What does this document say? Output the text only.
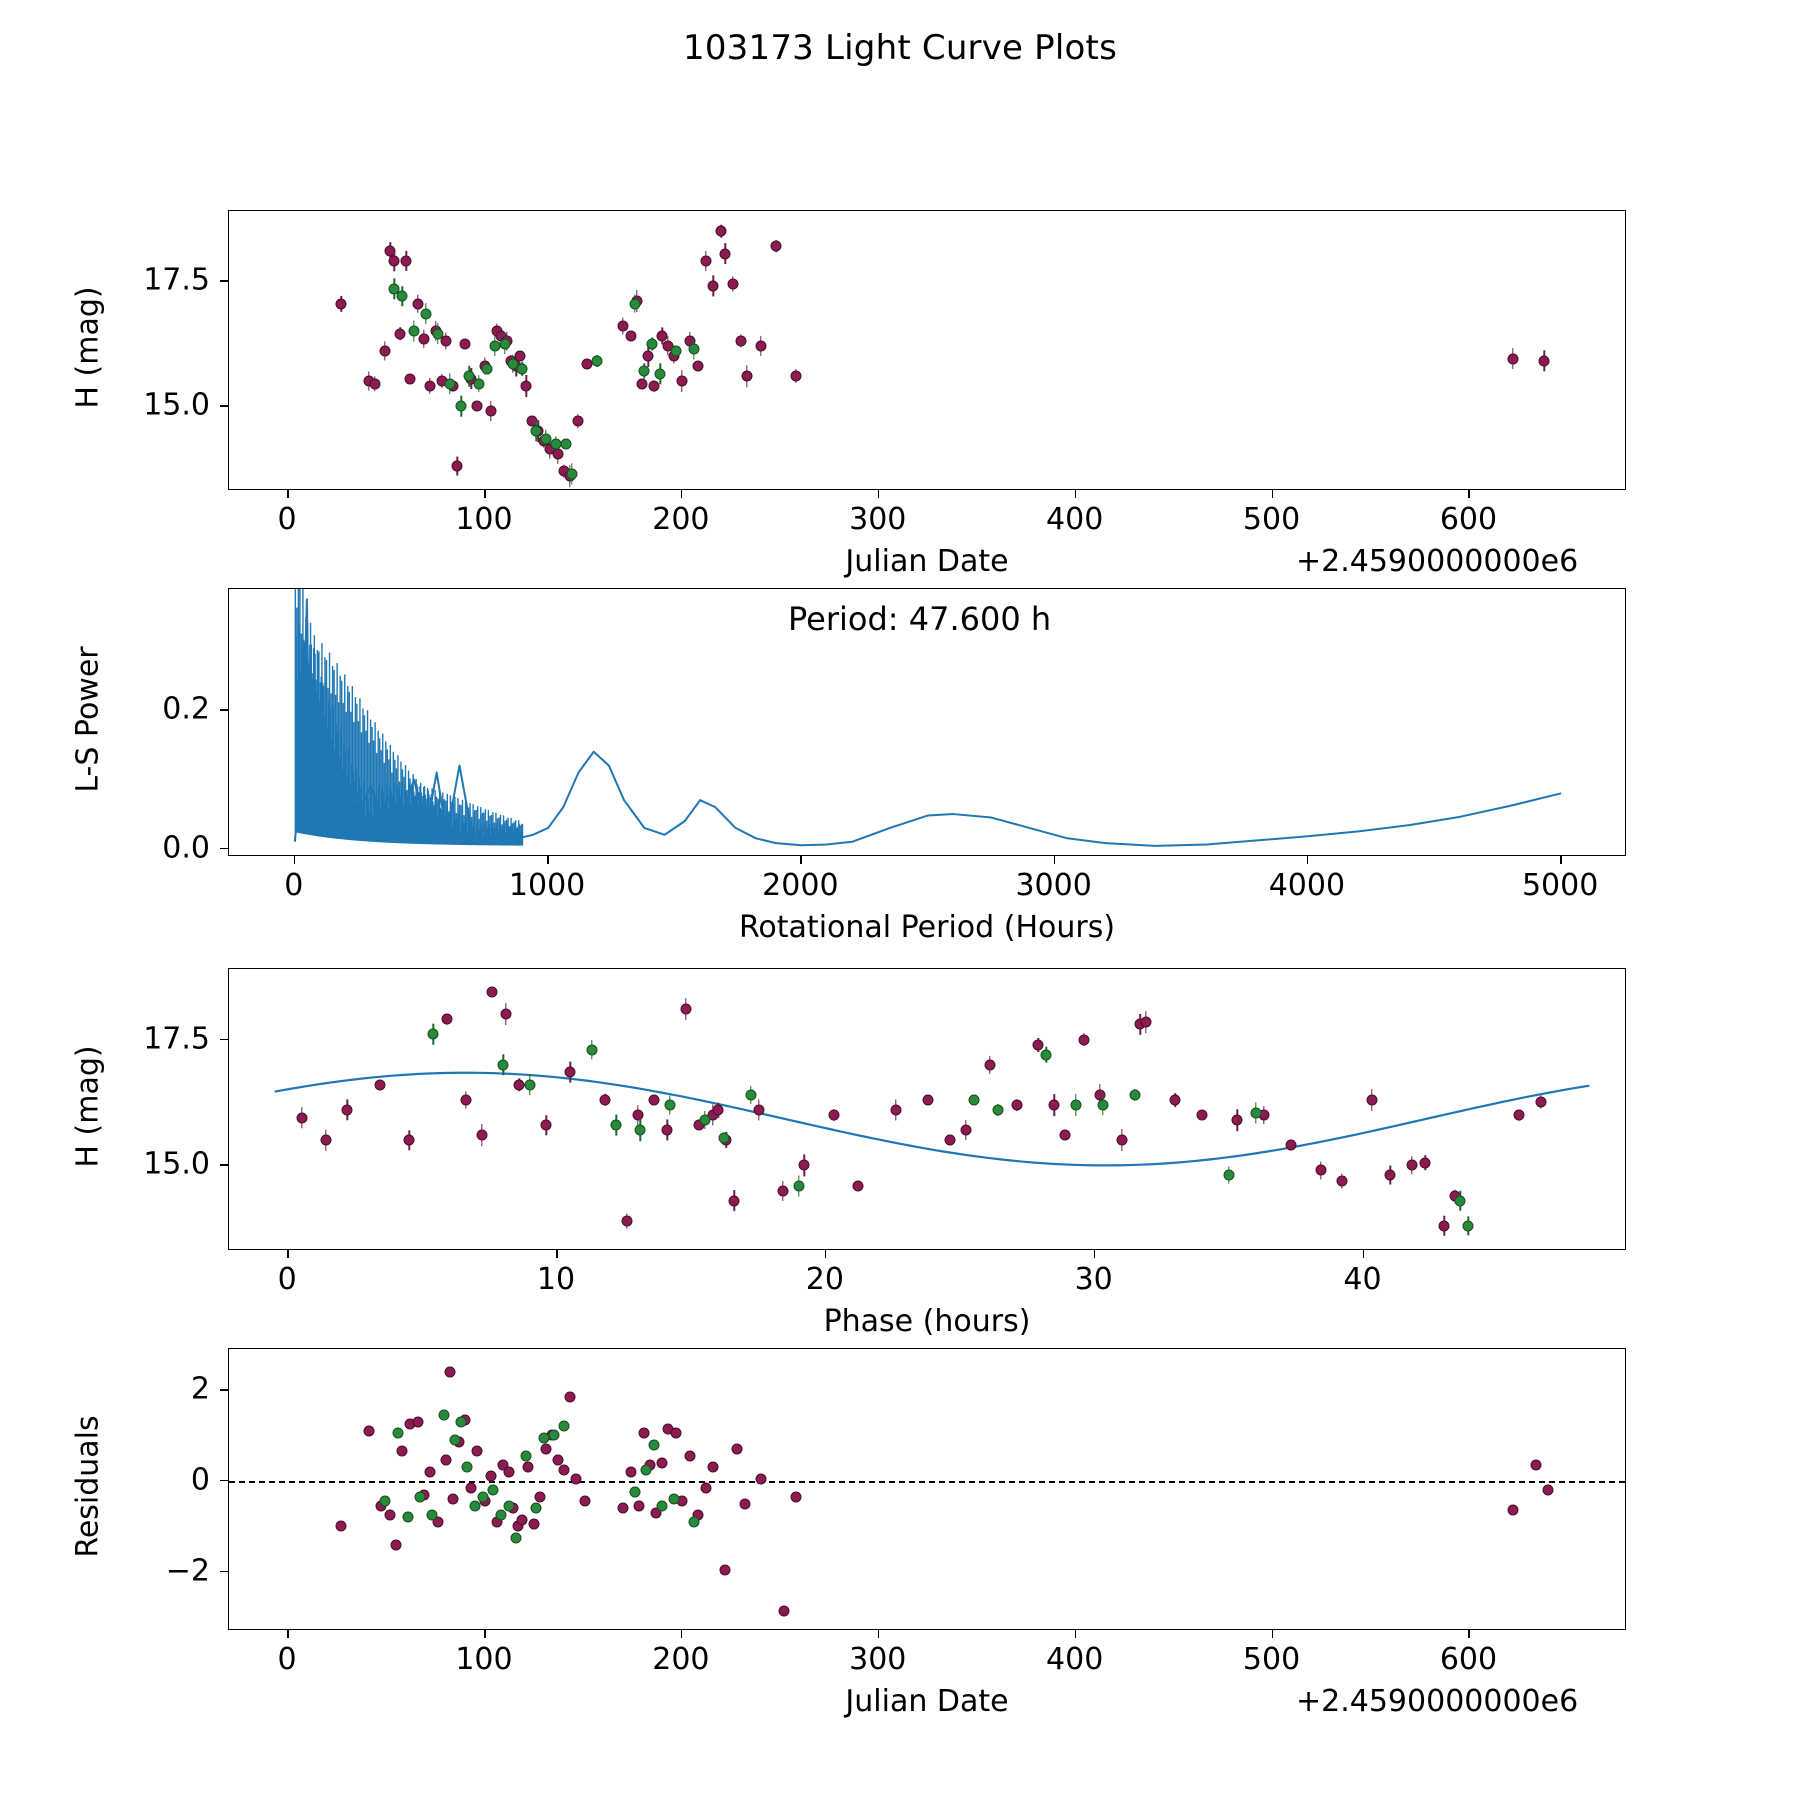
103173 Light Curve Plots
0	100	200	300	400	500	600
15.0
17.5
H (mag)
Julian Date	+2.4590000000e6
0	1000	2000	3000	4000	5000
0.0
0.2
L-S Power
Rotational Period (Hours)
Period: 47.600 h
0	10	20	30	40
15.0
17.5
H (mag)
Phase (hours)
0	100	200	300	400	500	600
−2
0
2
Residuals
Julian Date	+2.4590000000e6
